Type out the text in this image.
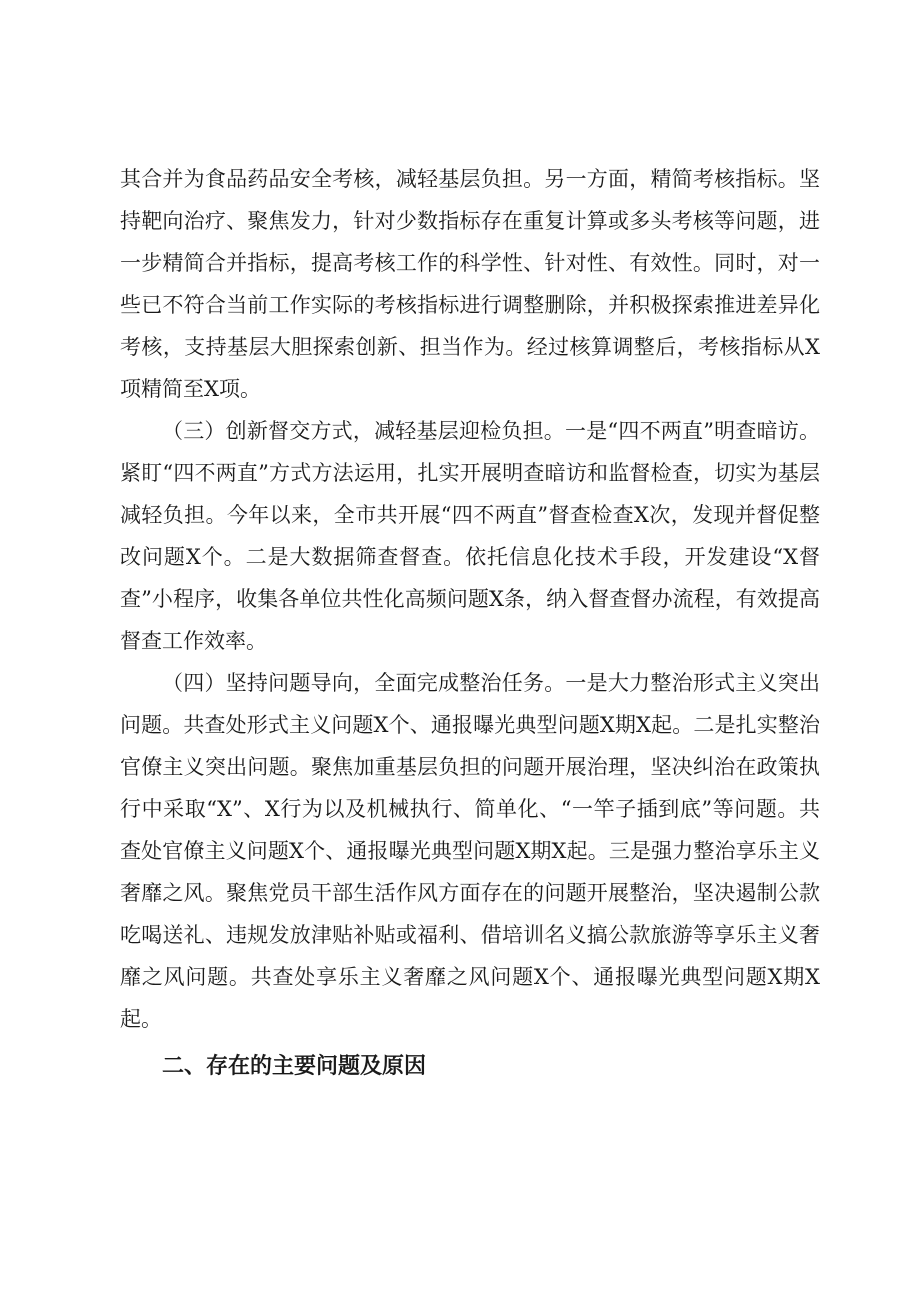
其合并为食品药品安全考核，减轻基层负担。另一方面，精简考核指标。坚持靶向治疗、聚焦发力，针对少数指标存在重复计算或多头考核等问题，进一步精简合并指标，提高考核工作的科学性、针对性、有效性。同时，对一些已不符合当前工作实际的考核指标进行调整删除，并积极探索推进差异化考核，支持基层大胆探索创新、担当作为。经过核算调整后，考核指标从X项精简至X项。

（三）创新督交方式，减轻基层迎检负担。一是“四不两直”明查暗访。紧盯“四不两直”方式方法运用，扎实开展明查暗访和监督检查，切实为基层减轻负担。今年以来，全市共开展“四不两直”督查检查X次，发现并督促整改问题X个。二是大数据筛查督查。依托信息化技术手段，开发建设“X督查”小程序，收集各单位共性化高频问题X条，纳入督查督办流程，有效提高督查工作效率。

（四）坚持问题导向，全面完成整治任务。一是大力整治形式主义突出问题。共查处形式主义问题X个、通报曝光典型问题X期X起。二是扎实整治官僚主义突出问题。聚焦加重基层负担的问题开展治理，坚决纠治在政策执行中采取“X”、X行为以及机械执行、简单化、“一竿子插到底”等问题。共查处官僚主义问题X个、通报曝光典型问题X期X起。三是强力整治享乐主义奢靡之风。聚焦党员干部生活作风方面存在的问题开展整治，坚决遏制公款吃喝送礼、违规发放津贴补贴或福利、借培训名义搞公款旅游等享乐主义奢靡之风问题。共查处享乐主义奢靡之风问题X个、通报曝光典型问题X期X起。

二、存在的主要问题及原因
